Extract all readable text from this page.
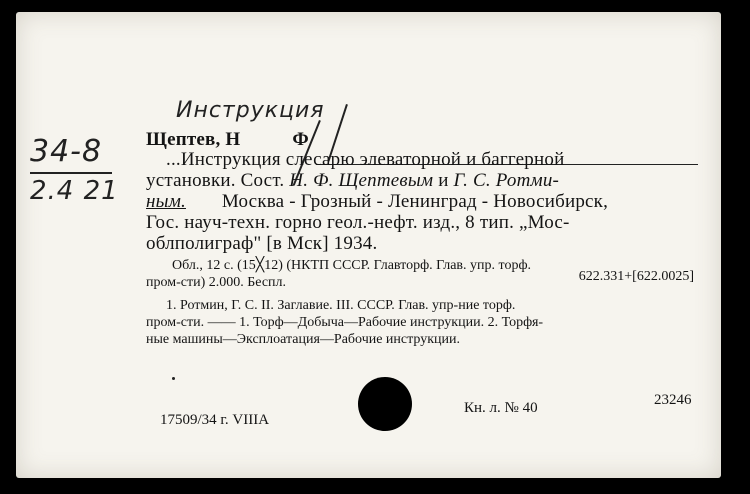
Инструкция
34-8
2.4 21
Щептев, Н	Ф
...Инструкция слесарю элеваторной и баггерной
установки. Сост. Н. Ф. Щептевым и Г. С. Ротми-
ным. Москва - Грозный - Ленинград - Новосибирск,
Гос. науч-техн. горно геол.-нефт. изд., 8 тип. „Мос-
облполиграф" [в Мск] 1934.
Обл., 12 с. (15╳12) (НКТП СССР. Главторф. Глав. упр. торф.
пром-сти) 2.000. Беспл.	622.331+[622.0025]
1. Ротмин, Г. С. II. Заглавие. III. СССР. Глав. упр-ние торф.
пром-сти. —— 1. Торф—Добыча—Рабочие инструкции. 2. Торфя-
ные машины—Эксплоатация—Рабочие инструкции.
17509/34 г. VIIIA
Кн. л. № 40	23246
